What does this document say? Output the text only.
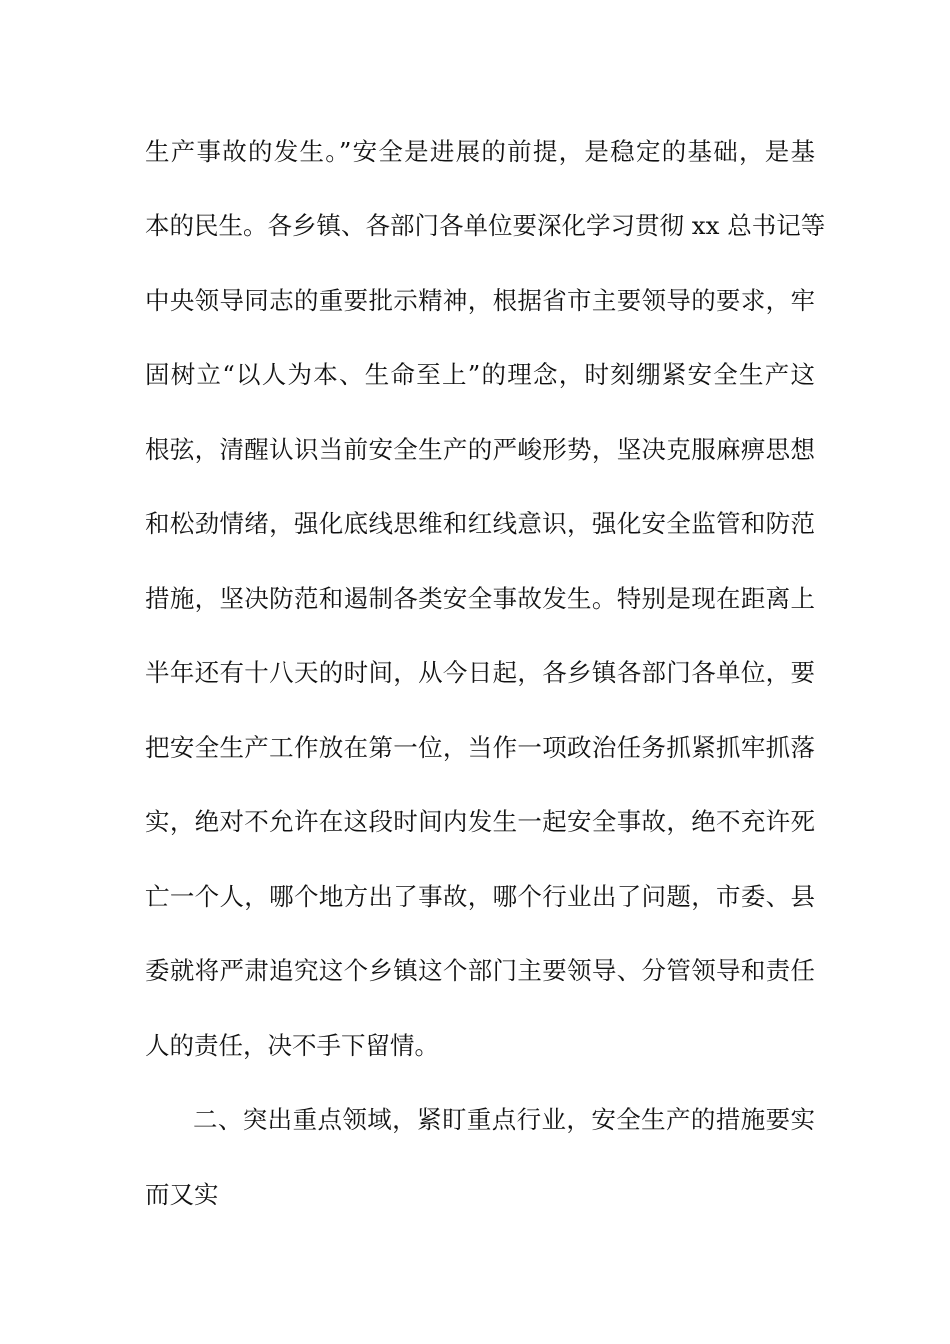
生产事故的发生。”安全是进展的前提，是稳定的基础，是基
本的民生。各乡镇、各部门各单位要深化学习贯彻 xx 总书记等
中央领导同志的重要批示精神，根据省市主要领导的要求，牢
固树立“以人为本、生命至上”的理念，时刻绷紧安全生产这
根弦，清醒认识当前安全生产的严峻形势，坚决克服麻痹思想
和松劲情绪，强化底线思维和红线意识，强化安全监管和防范
措施，坚决防范和遏制各类安全事故发生。特别是现在距离上
半年还有十八天的时间，从今日起，各乡镇各部门各单位，要
把安全生产工作放在第一位，当作一项政治任务抓紧抓牢抓落
实，绝对不允许在这段时间内发生一起安全事故，绝不充许死
亡一个人，哪个地方出了事故，哪个行业出了问题，市委、县
委就将严肃追究这个乡镇这个部门主要领导、分管领导和责任
人的责任，决不手下留情。
二、突出重点领域，紧盯重点行业，安全生产的措施要实
而又实
